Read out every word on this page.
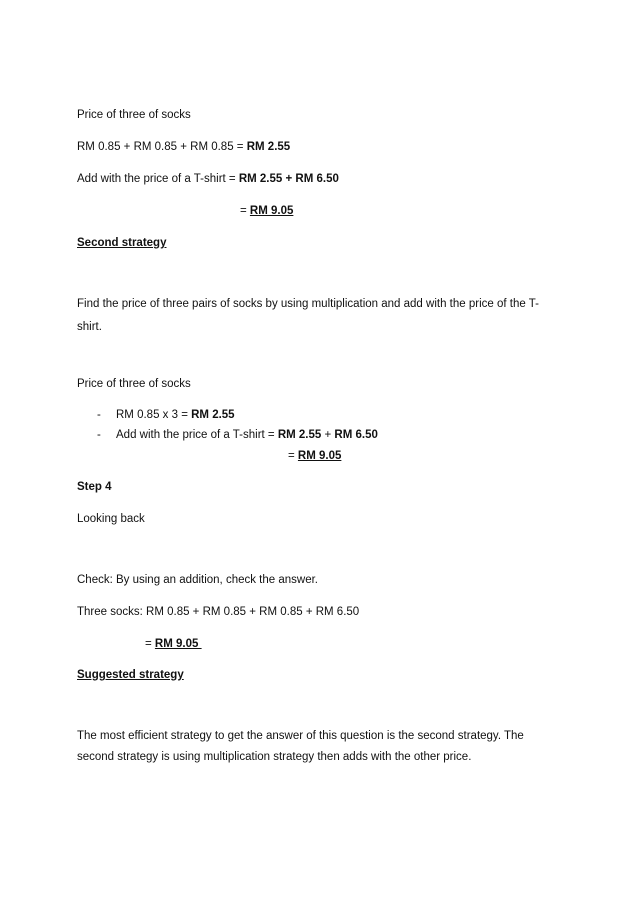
Price of three of socks
RM 0.85 + RM 0.85 + RM 0.85 = RM 2.55
Add with the price of a T-shirt = RM 2.55 + RM 6.50
= RM 9.05
Second strategy
Find the price of three pairs of socks by using multiplication and add with the price of the T-
shirt.
Price of three of socks
- RM 0.85 x 3 = RM 2.55
- Add with the price of a T-shirt = RM 2.55 + RM 6.50
= RM 9.05
Step 4
Looking back
Check: By using an addition, check the answer.
Three socks: RM 0.85 + RM 0.85 + RM 0.85 + RM 6.50
= RM 9.05
Suggested strategy
The most efficient strategy to get the answer of this question is the second strategy. The
second strategy is using multiplication strategy then adds with the other price.
